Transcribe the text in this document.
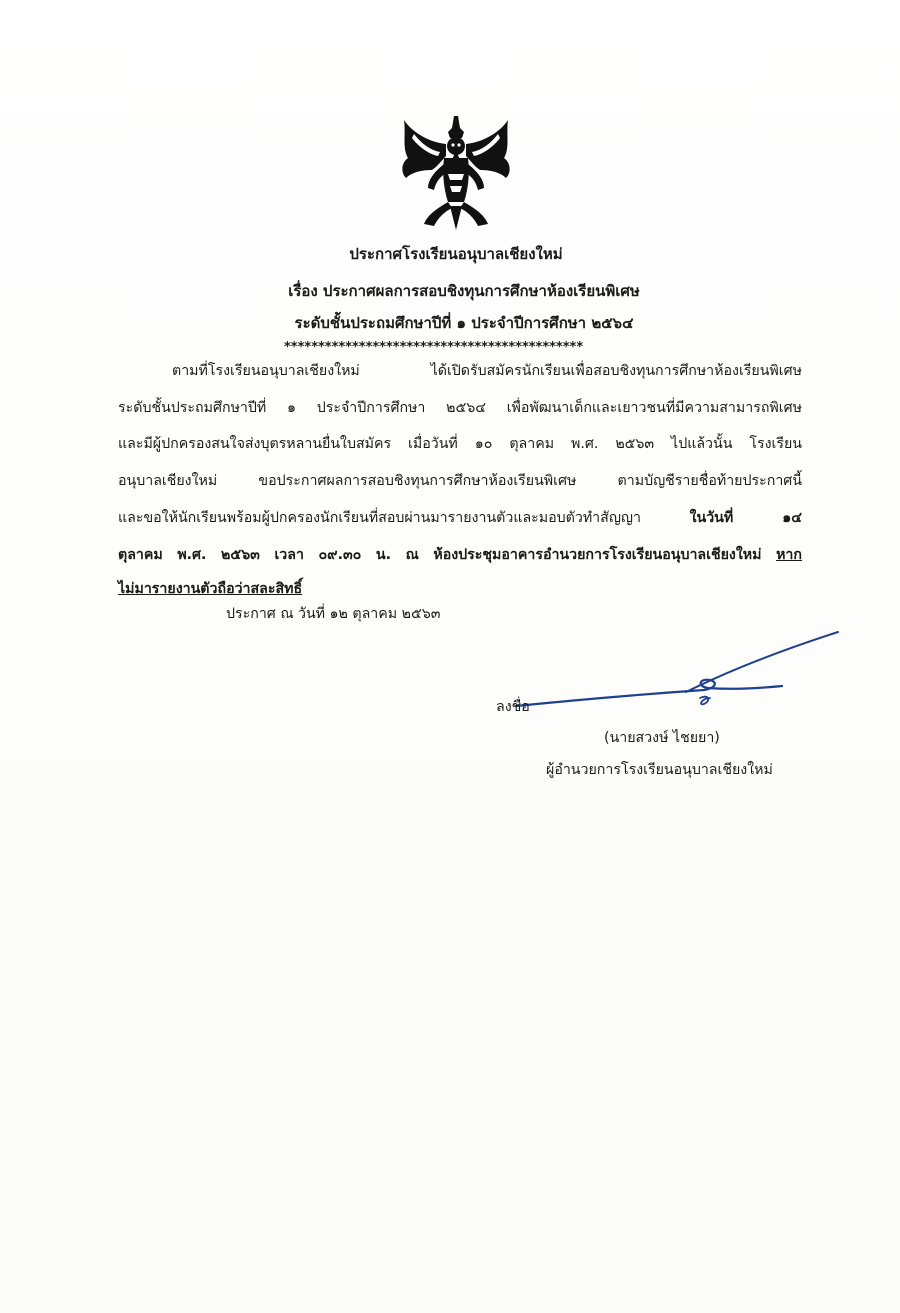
ประกาศโรงเรียนอนุบาลเชียงใหม่
เรื่อง ประกาศผลการสอบชิงทุนการศึกษาห้องเรียนพิเศษ
ระดับชั้นประถมศึกษาปีที่ ๑ ประจำปีการศึกษา ๒๕๖๔
********************************************
ตามที่โรงเรียนอนุบาลเชียงใหม่ ได้เปิดรับสมัครนักเรียนเพื่อสอบชิงทุนการศึกษาห้องเรียนพิเศษ
ระดับชั้นประถมศึกษาปีที่ ๑ ประจำปีการศึกษา ๒๕๖๔ เพื่อพัฒนาเด็กและเยาวชนที่มีความสามารถพิเศษ
และมีผู้ปกครองสนใจส่งบุตรหลานยื่นใบสมัคร เมื่อวันที่ ๑๐ ตุลาคม พ.ศ. ๒๕๖๓ ไปแล้วนั้น โรงเรียน
อนุบาลเชียงใหม่ ขอประกาศผลการสอบชิงทุนการศึกษาห้องเรียนพิเศษ ตามบัญชีรายชื่อท้ายประกาศนี้
และขอให้นักเรียนพร้อมผู้ปกครองนักเรียนที่สอบผ่านมารายงานตัวและมอบตัวทำสัญญา ในวันที่ ๑๔
ตุลาคม พ.ศ. ๒๕๖๓ เวลา ๐๙.๓๐ น. ณ ห้องประชุมอาคารอำนวยการโรงเรียนอนุบาลเชียงใหม่ หาก
ไม่มารายงานตัวถือว่าสละสิทธิ์
ประกาศ ณ วันที่ ๑๒ ตุลาคม ๒๕๖๓
ลงชื่อ
(นายสวงษ์ ไชยยา)
ผู้อำนวยการโรงเรียนอนุบาลเชียงใหม่
